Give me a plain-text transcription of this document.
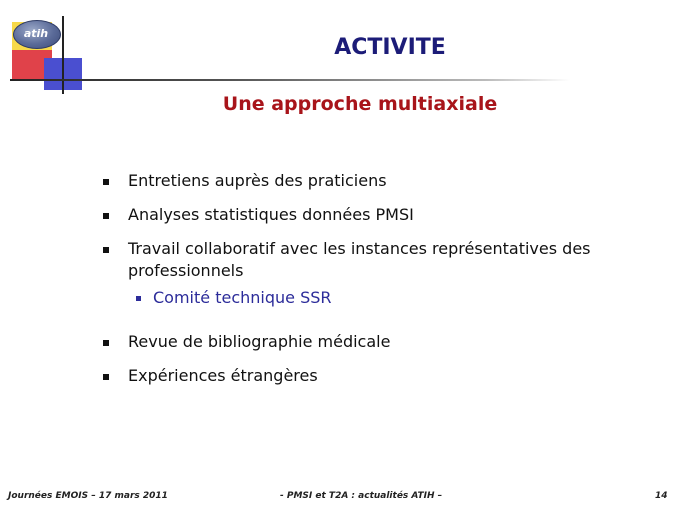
atih
ACTIVITE
Une approche multiaxiale
Entretiens auprès des praticiens
Analyses statistiques données PMSI
Travail collaboratif avec les instances représentatives des professionnels
Comité technique SSR
Revue de bibliographie médicale
Expériences étrangères
Journées EMOIS – 17 mars 2011	- PMSI et T2A : actualités ATIH –	14
